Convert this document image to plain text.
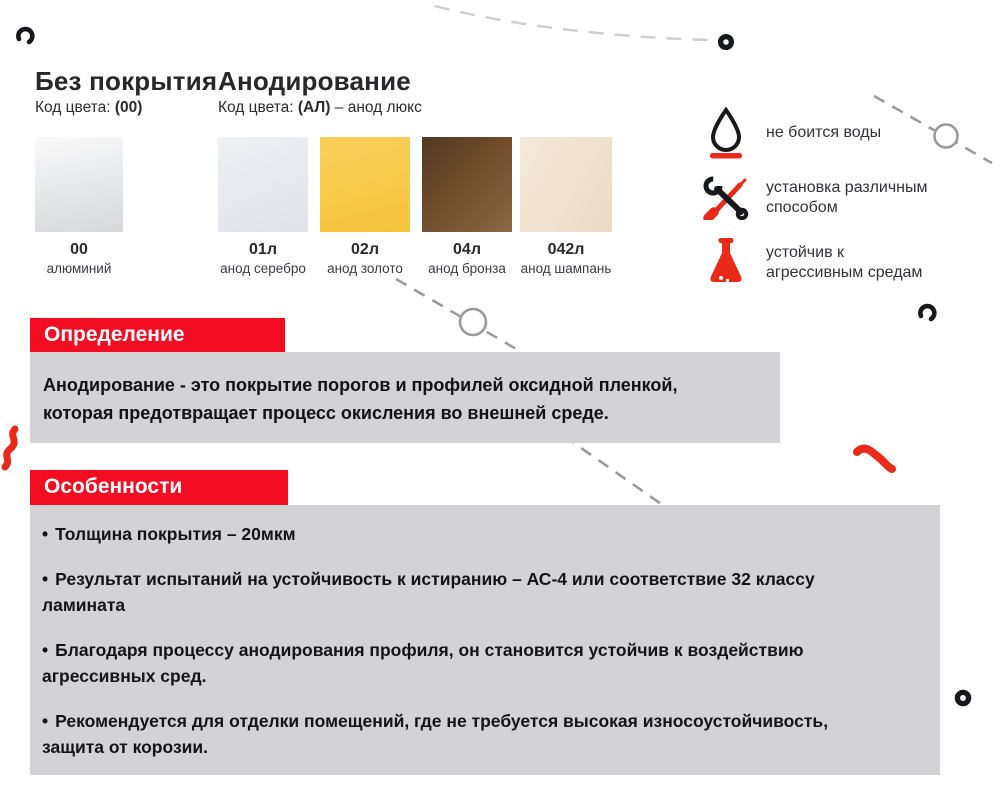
Без покрытия
Код цвета: (00)
Анодирование
Код цвета: (АЛ) – анод люкс
00
алюминий
01л
анод серебро
02л
анод золото
04л
анод бронза
042л
анод шампань
не боится воды
установка различным
способом
устойчив к
агрессивным средам
Определение
Анодирование - это покрытие порогов и профилей оксидной пленкой,
которая предотвращает процесс окисления во внешней среде.
Особенности
• Толщина покрытия – 20мкм
• Результат испытаний на устойчивость к истиранию – АС-4 или соответствие 32 классу
ламината
• Благодаря процессу анодирования профиля, он становится устойчив к воздействию
агрессивных сред.
• Рекомендуется для отделки помещений, где не требуется высокая износоустойчивость,
защита от корозии.
